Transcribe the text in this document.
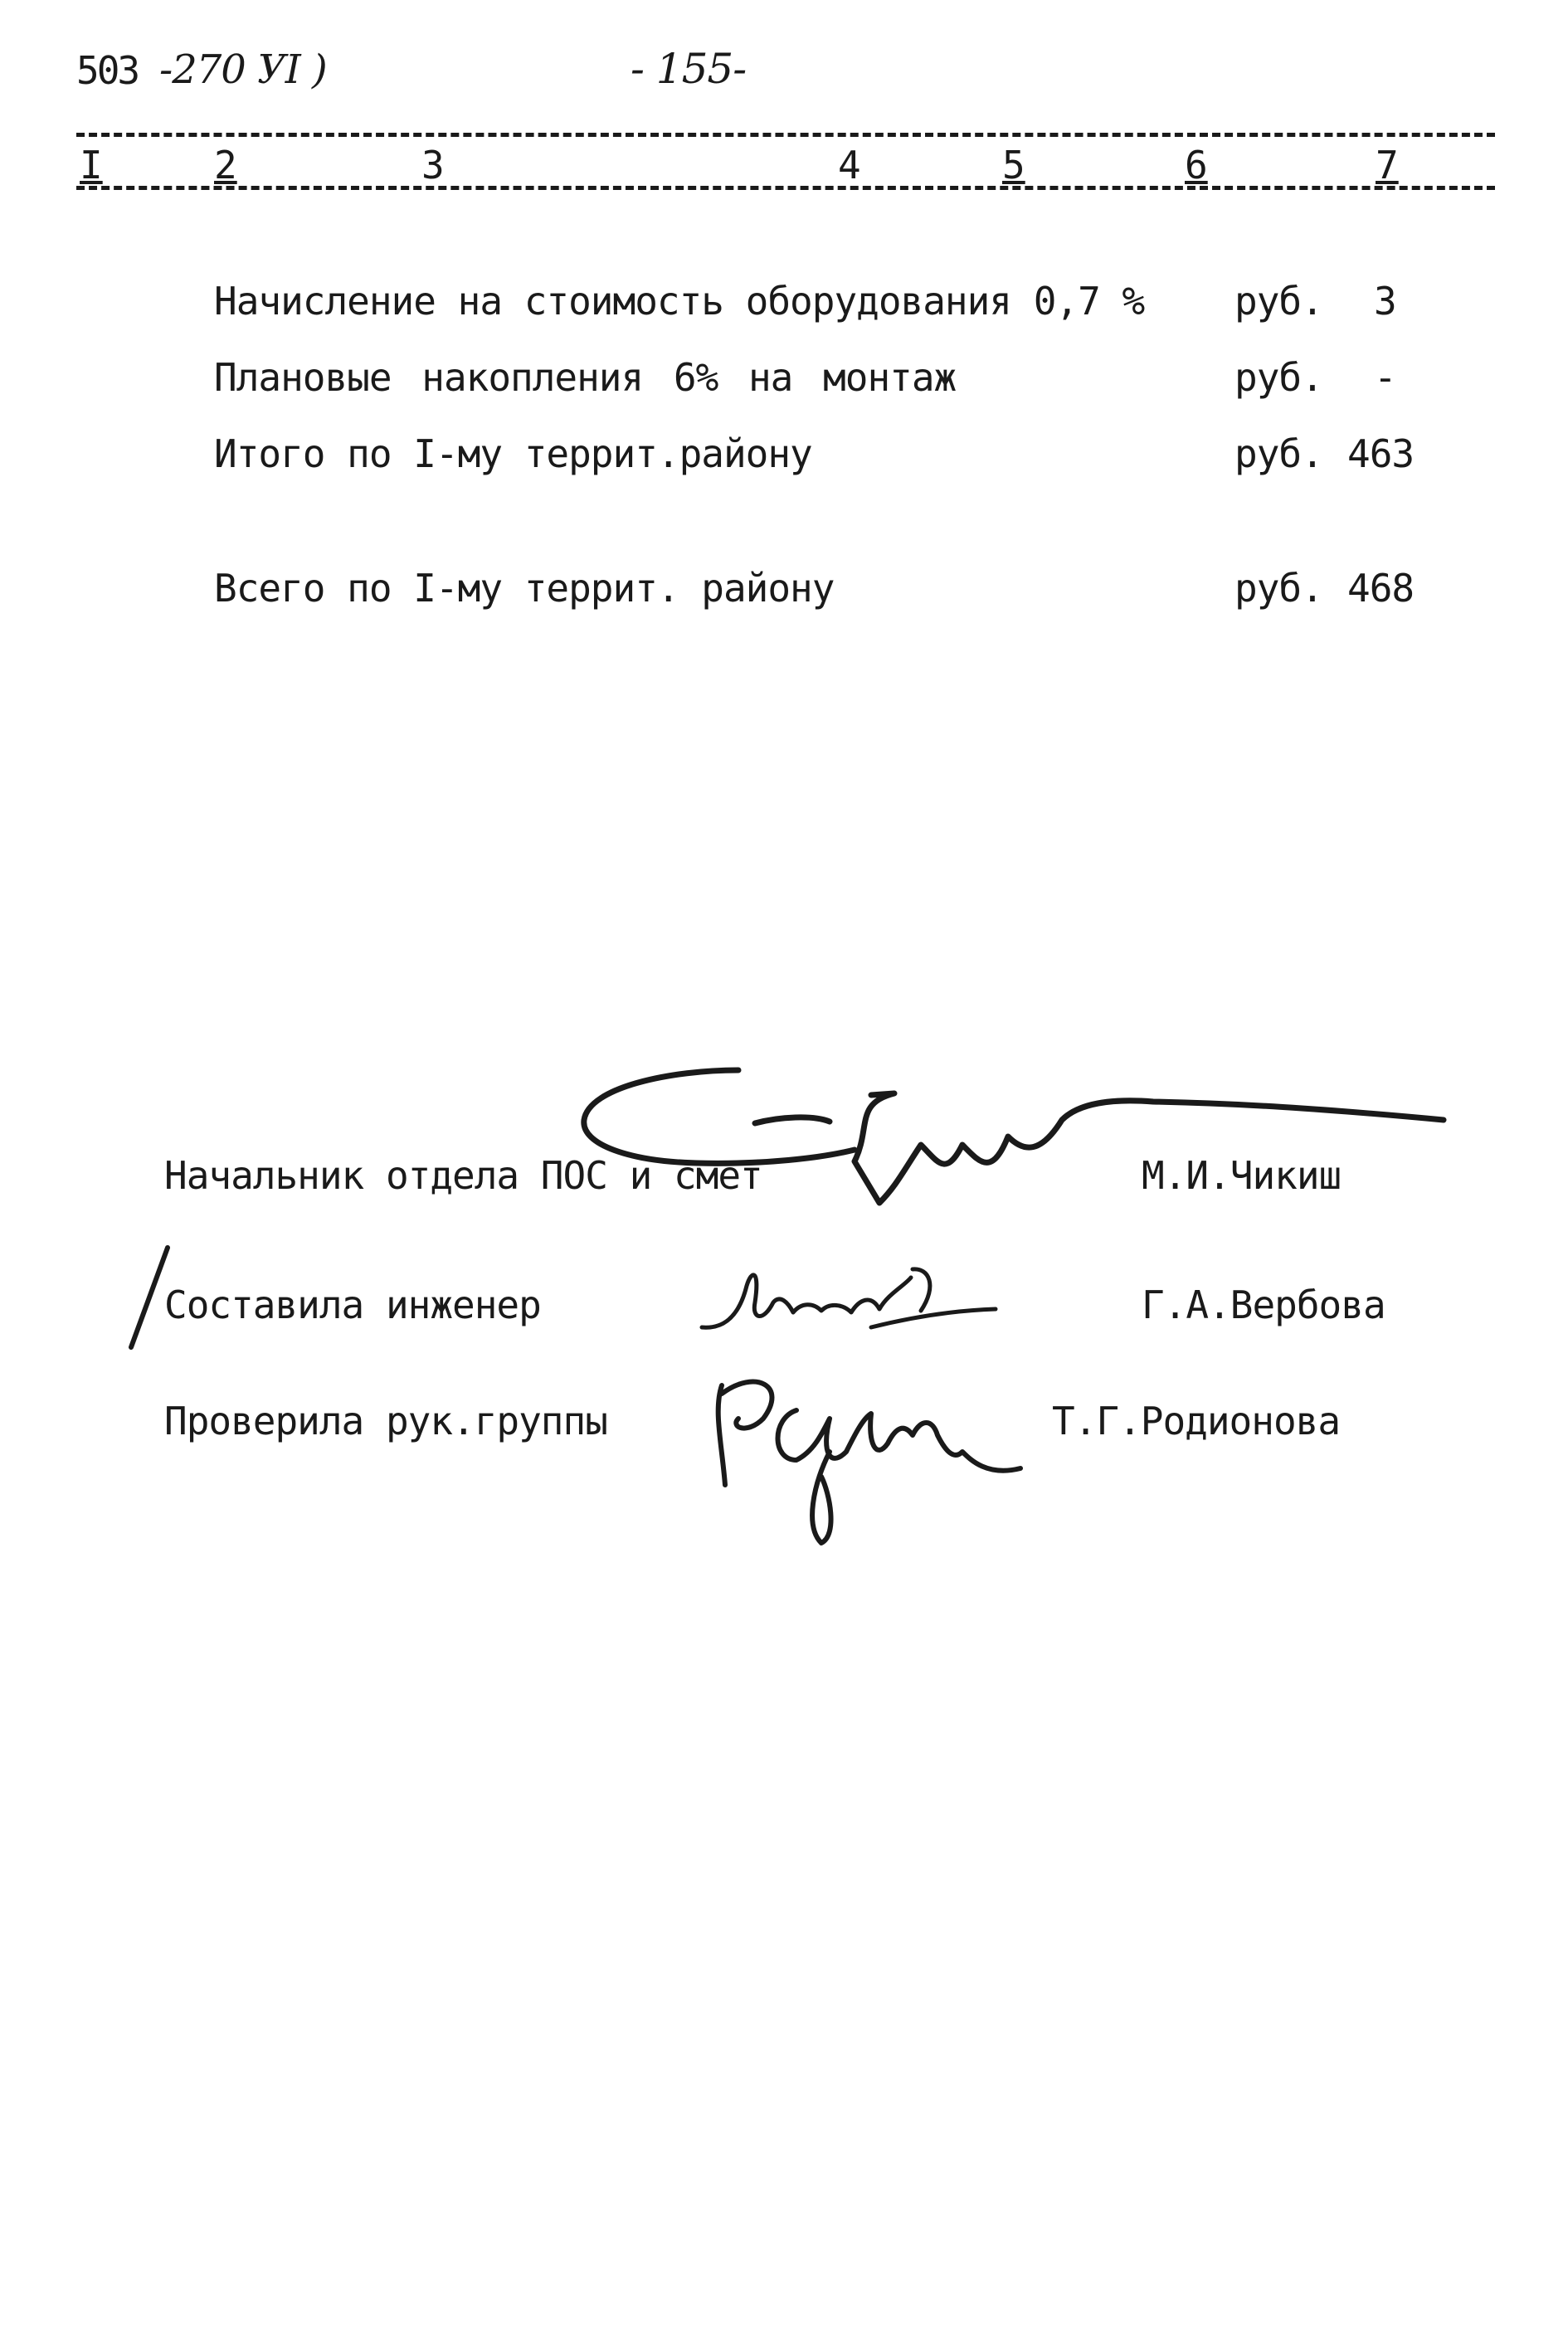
503 -270 УI )	- 155-
I	2	3	4	5	6	7
Начисление на стоимость оборудования 0,7 % руб. 3
Плановые накопления 6% на монтаж	руб. -
Итого по I-му террит.району	руб. 463
Всего по I-му террит. району	руб. 468
Начальник отдела ПОС и смет	М.И.Чикиш
Составила инженер	Г.А.Вербова
Проверила рук.группы	Т.Г.Родионова
